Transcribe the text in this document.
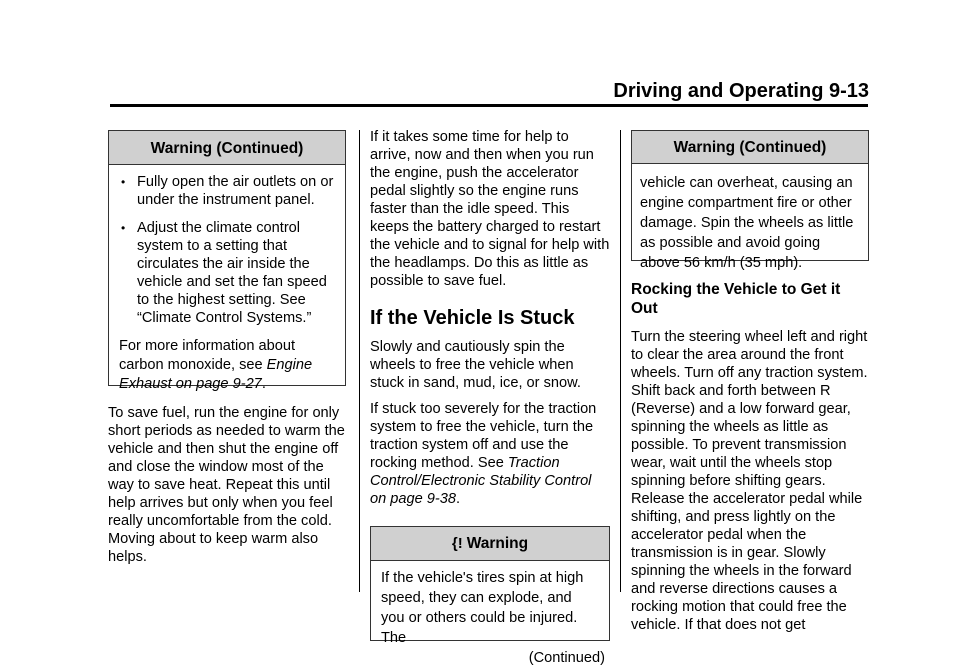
Driving and Operating 9-13
Warning (Continued)
• Fully open the air outlets on or under the instrument panel.
• Adjust the climate control system to a setting that circulates the air inside the vehicle and set the fan speed to the highest setting. See “Climate Control Systems.”

For more information about carbon monoxide, see Engine Exhaust on page 9-27.

To save fuel, run the engine for only short periods as needed to warm the vehicle and then shut the engine off and close the window most of the way to save heat. Repeat this until help arrives but only when you feel really uncomfortable from the cold. Moving about to keep warm also helps.

If it takes some time for help to arrive, now and then when you run the engine, push the accelerator pedal slightly so the engine runs faster than the idle speed. This keeps the battery charged to restart the vehicle and to signal for help with the headlamps. Do this as little as possible to save fuel.

If the Vehicle Is Stuck

Slowly and cautiously spin the wheels to free the vehicle when stuck in sand, mud, ice, or snow.

If stuck too severely for the traction system to free the vehicle, turn the traction system off and use the rocking method. See Traction Control/Electronic Stability Control on page 9-38.

{! Warning
If the vehicle's tires spin at high speed, they can explode, and you or others could be injured. The
(Continued)
Warning (Continued)
vehicle can overheat, causing an engine compartment fire or other damage. Spin the wheels as little as possible and avoid going above 56 km/h (35 mph).
Rocking the Vehicle to Get it Out

Turn the steering wheel left and right to clear the area around the front wheels. Turn off any traction system. Shift back and forth between R (Reverse) and a low forward gear, spinning the wheels as little as possible. To prevent transmission wear, wait until the wheels stop spinning before shifting gears. Release the accelerator pedal while shifting, and press lightly on the accelerator pedal when the transmission is in gear. Slowly spinning the wheels in the forward and reverse directions causes a rocking motion that could free the vehicle. If that does not get
